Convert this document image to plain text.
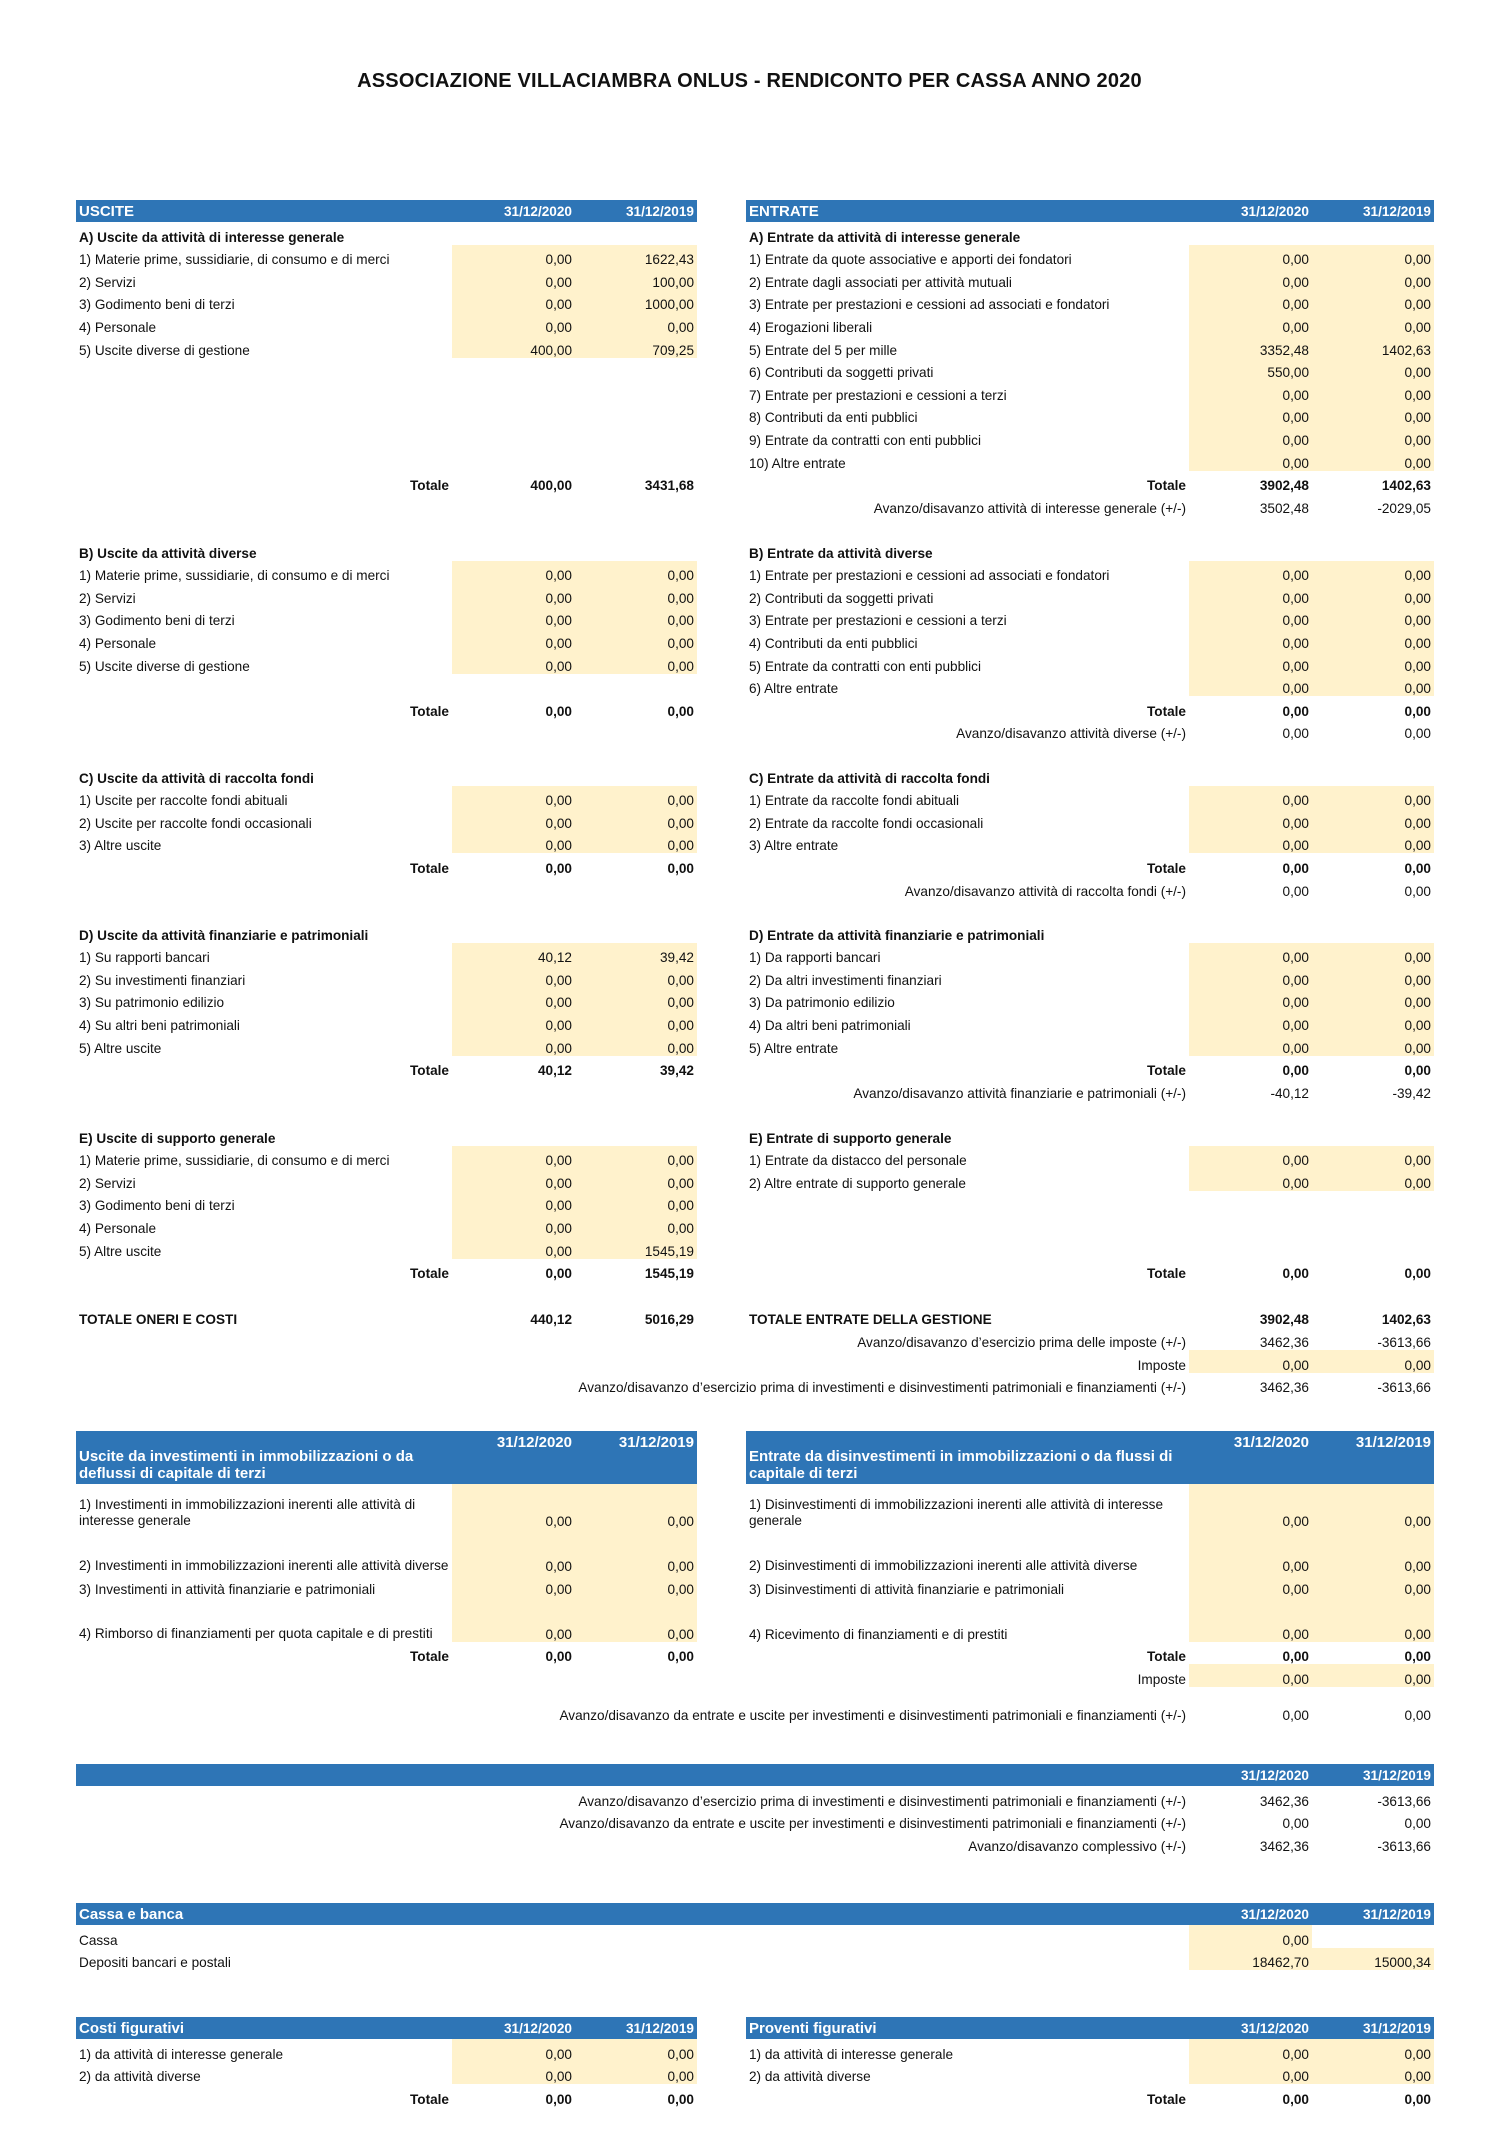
ASSOCIAZIONE VILLACIAMBRA ONLUS - RENDICONTO PER CASSA ANNO 2020
USCITE	31/12/2020	31/12/2019
A) Uscite da attività di interesse generale		
1) Materie prime, sussidiarie, di consumo e di merci	0,00	1622,43
2) Servizi	0,00	100,00
3) Godimento beni di terzi	0,00	1000,00
4) Personale	0,00	0,00
5) Uscite diverse di gestione	400,00	709,25

Totale	400,00	3431,68
B) Uscite da attività diverse		
1) Materie prime, sussidiarie, di consumo e di merci	0,00	0,00
2) Servizi	0,00	0,00
3) Godimento beni di terzi	0,00	0,00
4) Personale	0,00	0,00
5) Uscite diverse di gestione	0,00	0,00

Totale	0,00	0,00
C) Uscite da attività di raccolta fondi		
1) Uscite per raccolte fondi abituali	0,00	0,00
2) Uscite per raccolte fondi occasionali	0,00	0,00
3) Altre uscite	0,00	0,00
Totale	0,00	0,00
D) Uscite da attività finanziarie e patrimoniali		
1) Su rapporti bancari	40,12	39,42
2) Su investimenti finanziari	0,00	0,00
3) Su patrimonio edilizio	0,00	0,00
4) Su altri beni patrimoniali	0,00	0,00
5) Altre uscite	0,00	0,00
Totale	40,12	39,42
E) Uscite di supporto generale		
1) Materie prime, sussidiarie, di consumo e di merci	0,00	0,00
2) Servizi	0,00	0,00
3) Godimento beni di terzi	0,00	0,00
4) Personale	0,00	0,00
5) Altre uscite	0,00	1545,19
Totale	0,00	1545,19
TOTALE ONERI E COSTI	440,12	5016,29
ENTRATE	31/12/2020	31/12/2019
A) Entrate da attività di interesse generale		
1) Entrate da quote associative e apporti dei fondatori	0,00	0,00
2) Entrate dagli associati per attività mutuali	0,00	0,00
3) Entrate per prestazioni e cessioni ad associati e fondatori	0,00	0,00
4) Erogazioni liberali	0,00	0,00
5) Entrate del 5 per mille	3352,48	1402,63
6) Contributi da soggetti privati	550,00	0,00
7) Entrate per prestazioni e cessioni a terzi	0,00	0,00
8) Contributi da enti pubblici	0,00	0,00
9) Entrate da contratti con enti pubblici	0,00	0,00
10) Altre entrate	0,00	0,00
Totale	3902,48	1402,63
Avanzo/disavanzo attività di interesse generale (+/-)	3502,48	-2029,05
B) Entrate da attività diverse		
1) Entrate per prestazioni e cessioni ad associati e fondatori	0,00	0,00
2) Contributi da soggetti privati	0,00	0,00
3) Entrate per prestazioni e cessioni a terzi	0,00	0,00
4) Contributi da enti pubblici	0,00	0,00
5) Entrate da contratti con enti pubblici	0,00	0,00
6) Altre entrate	0,00	0,00
Totale	0,00	0,00
Avanzo/disavanzo attività diverse (+/-)	0,00	0,00
C) Entrate da attività di raccolta fondi		
1) Entrate da raccolte fondi abituali	0,00	0,00
2) Entrate da raccolte fondi occasionali	0,00	0,00
3) Altre entrate	0,00	0,00
Totale	0,00	0,00
Avanzo/disavanzo attività di raccolta fondi (+/-)	0,00	0,00
D) Entrate da attività finanziarie e patrimoniali		
1) Da rapporti bancari	0,00	0,00
2) Da altri investimenti finanziari	0,00	0,00
3) Da patrimonio edilizio	0,00	0,00
4) Da altri beni patrimoniali	0,00	0,00
5) Altre entrate	0,00	0,00
Totale	0,00	0,00
Avanzo/disavanzo attività finanziarie e patrimoniali (+/-)	-40,12	-39,42
E) Entrate di supporto generale		
1) Entrate da distacco del personale	0,00	0,00
2) Altre entrate di supporto generale	0,00	0,00

Totale	0,00	0,00
TOTALE ENTRATE DELLA GESTIONE	3902,48	1402,63
Avanzo/disavanzo d’esercizio prima delle imposte (+/-)	3462,36	-3613,66
Imposte	0,00	0,00
Avanzo/disavanzo d’esercizio prima di investimenti e disinvestimenti patrimoniali e finanziamenti (+/-)	3462,36	-3613,66
Uscite da investimenti in immobilizzazioni o da deflussi di capitale di terzi	31/12/2020	31/12/2019
1) Investimenti in immobilizzazioni inerenti alle attività di interesse generale	0,00	0,00
2) Investimenti in immobilizzazioni inerenti alle attività diverse	0,00	0,00
3) Investimenti in attività finanziarie e patrimoniali	0,00	0,00
4) Rimborso di finanziamenti per quota capitale e di prestiti	0,00	0,00
Totale	0,00	0,00
Entrate da disinvestimenti in immobilizzazioni o da flussi di capitale di terzi	31/12/2020	31/12/2019
1) Disinvestimenti di immobilizzazioni inerenti alle attività di interesse generale	0,00	0,00
2) Disinvestimenti di immobilizzazioni inerenti alle attività diverse	0,00	0,00
3) Disinvestimenti di attività finanziarie e patrimoniali	0,00	0,00
4) Ricevimento di finanziamenti e di prestiti	0,00	0,00
Totale	0,00	0,00
Imposte	0,00	0,00
Avanzo/disavanzo da entrate e uscite per investimenti e disinvestimenti patrimoniali e finanziamenti (+/-)	0,00	0,00
	31/12/2020	31/12/2019
Avanzo/disavanzo d’esercizio prima di investimenti e disinvestimenti patrimoniali e finanziamenti (+/-)	3462,36	-3613,66
Avanzo/disavanzo da entrate e uscite per investimenti e disinvestimenti patrimoniali e finanziamenti (+/-)	0,00	0,00
Avanzo/disavanzo complessivo (+/-)	3462,36	-3613,66
Cassa e banca	31/12/2020	31/12/2019
Cassa	0,00	
Depositi bancari e postali	18462,70	15000,34
Costi figurativi	31/12/2020	31/12/2019
1) da attività di interesse generale	0,00	0,00
2) da attività diverse	0,00	0,00
Totale	0,00	0,00
Proventi figurativi	31/12/2020	31/12/2019
1) da attività di interesse generale	0,00	0,00
2) da attività diverse	0,00	0,00
Totale	0,00	0,00
